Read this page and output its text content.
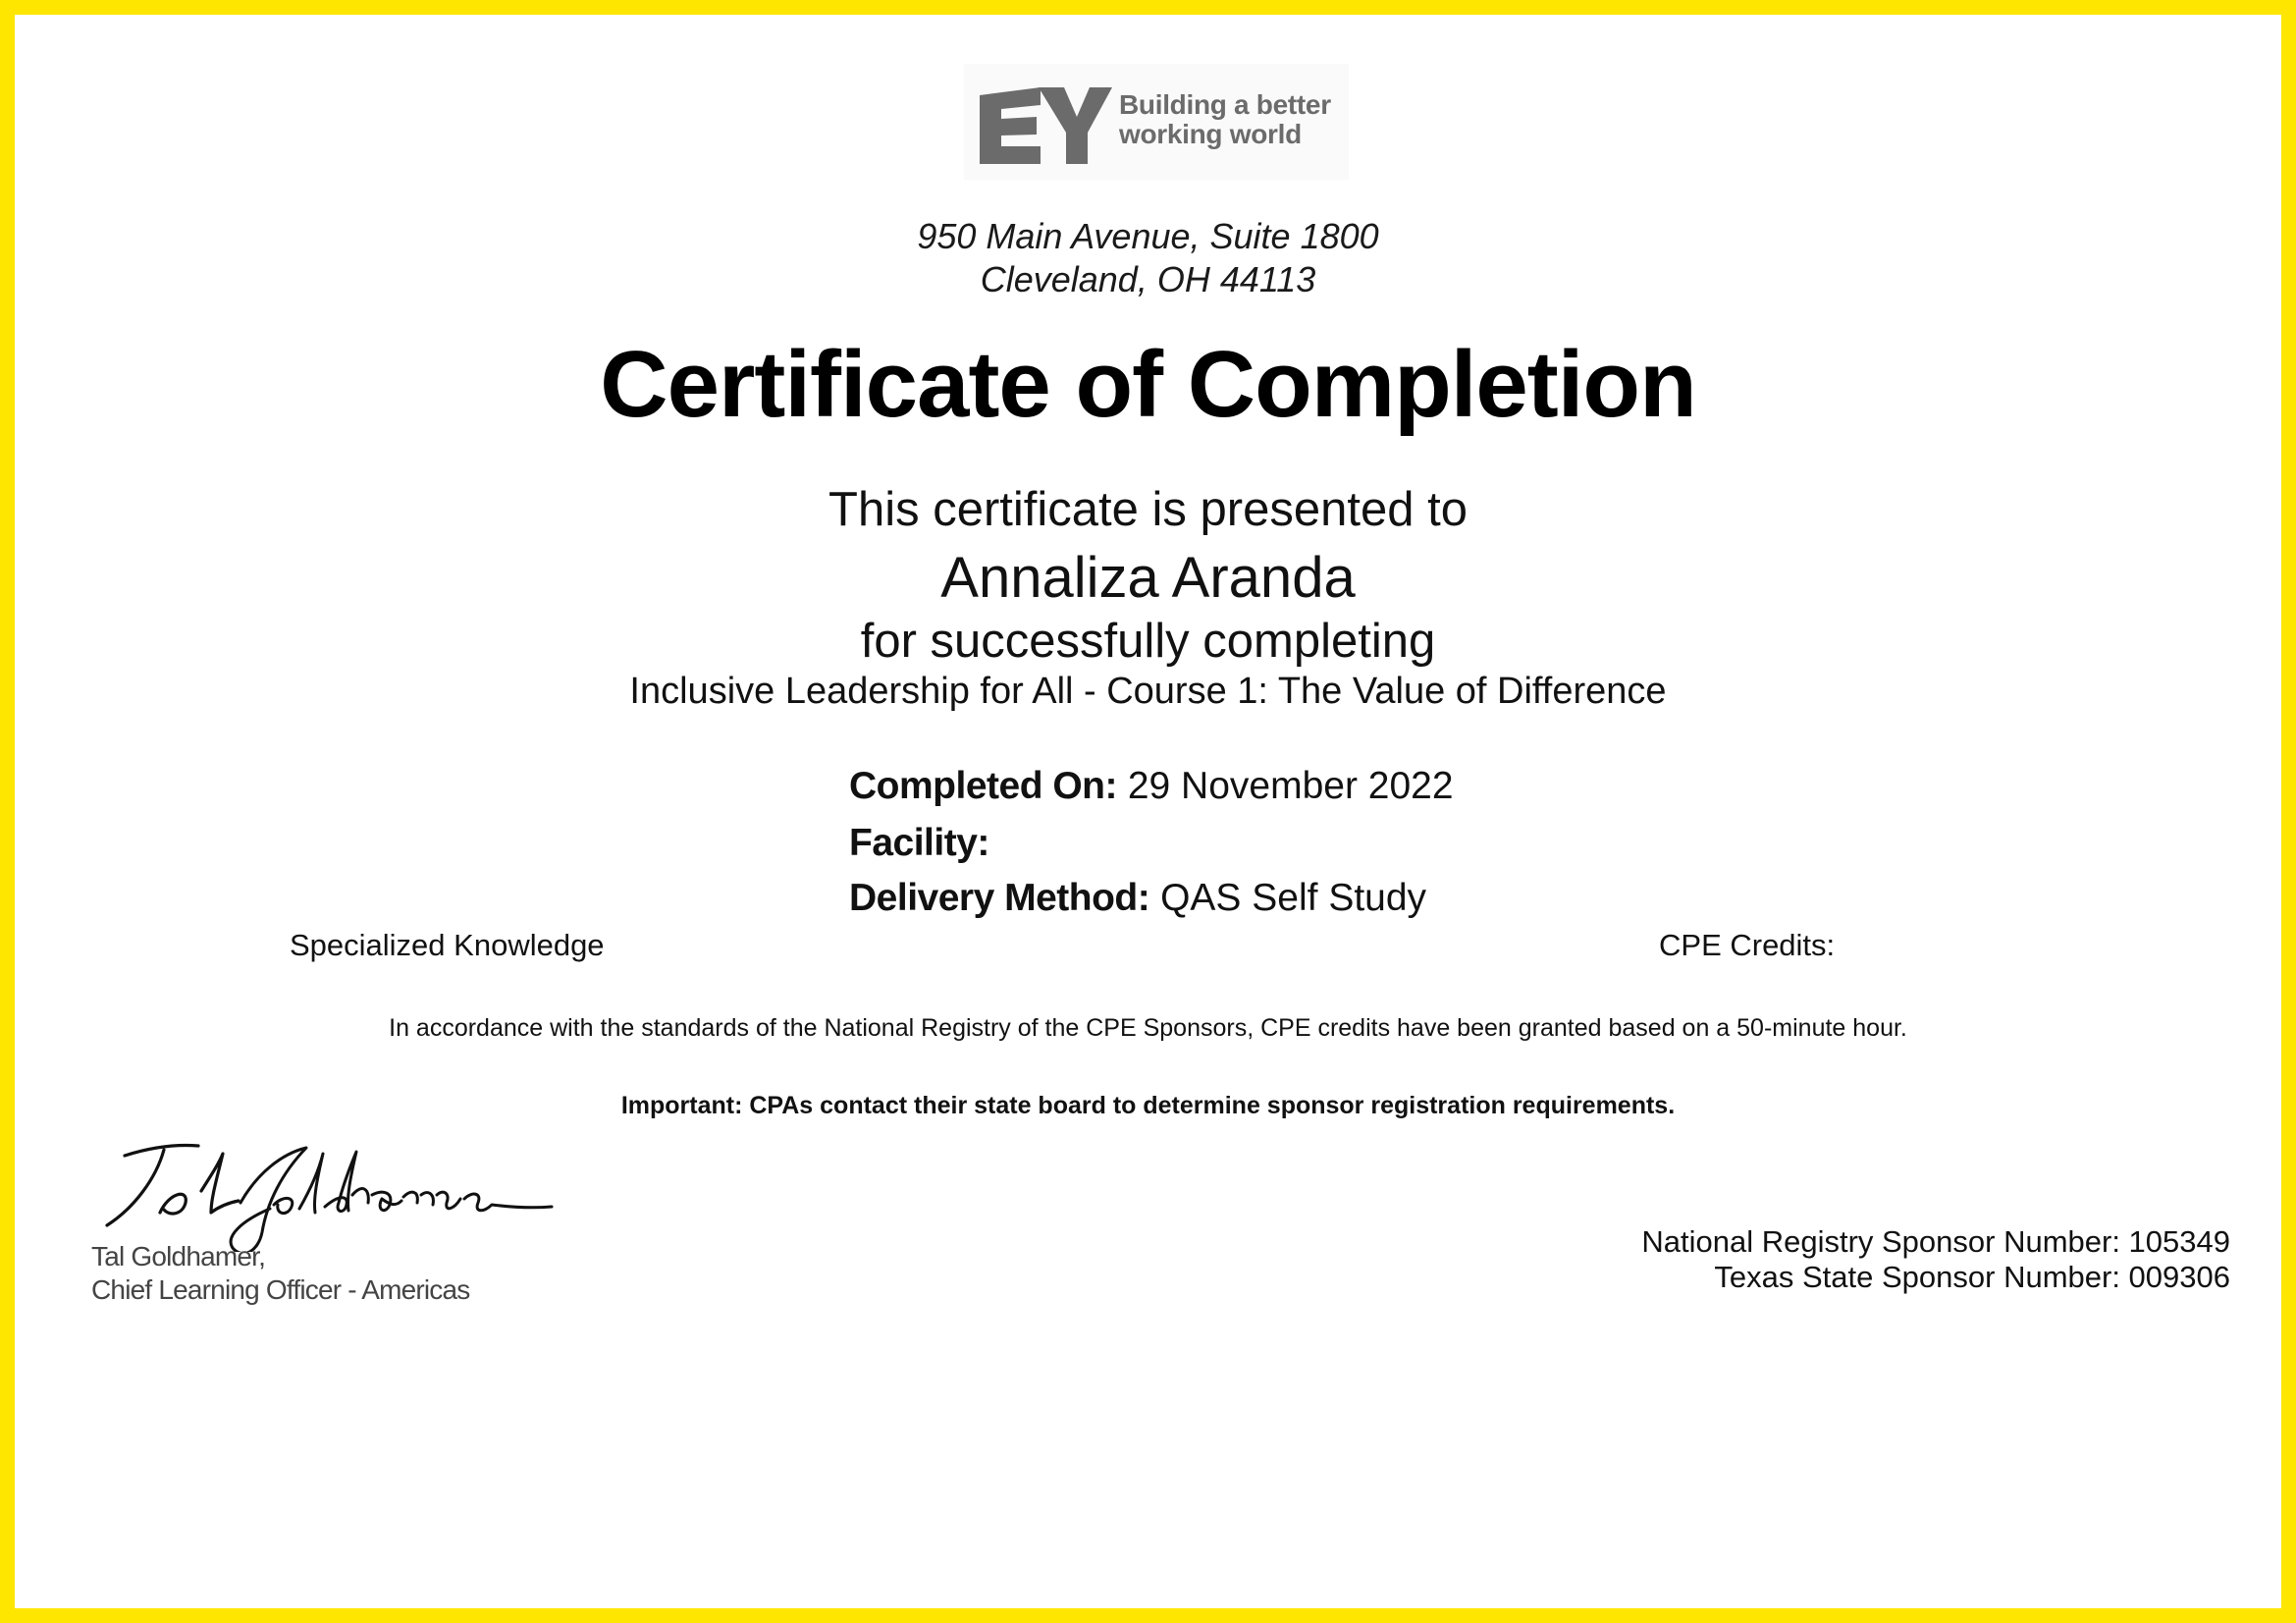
Building a better
working world

950 Main Avenue, Suite 1800

Cleveland, OH 44113

Certificate of Completion

This certificate is presented to

Annaliza Aranda

for successfully completing

Inclusive Leadership for All - Course 1: The Value of Difference

Completed On: 29 November 2022

Facility:

Delivery Method: QAS Self Study

Specialized Knowledge	CPE Credits:

In accordance with the standards of the National Registry of the CPE Sponsors, CPE credits have been granted based on a 50-minute hour.

Important: CPAs contact their state board to determine sponsor registration requirements.

Tal Goldhamer,

Chief Learning Officer - Americas

National Registry Sponsor Number: 105349

Texas State Sponsor Number: 009306
